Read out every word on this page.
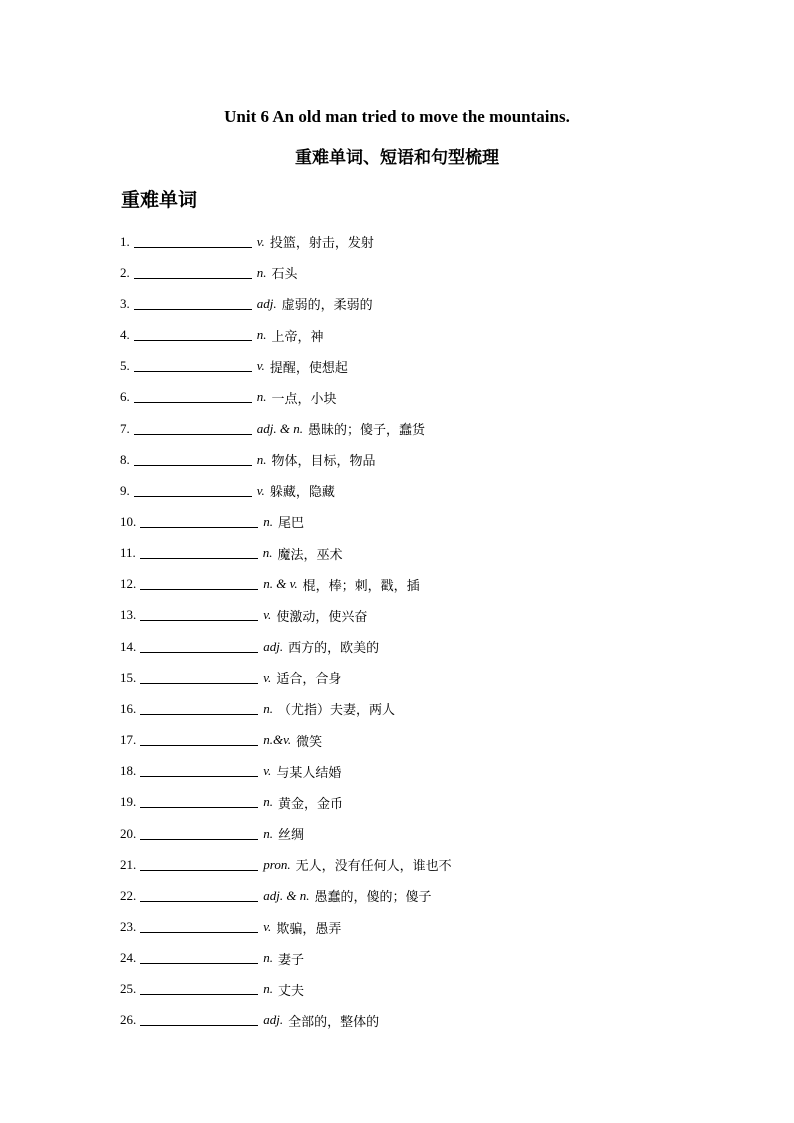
Unit 6 An old man tried to move the mountains.
重难单词、短语和句型梳理
重难单词
1.	v. 投篮，射击，发射
2.	n. 石头
3.	adj. 虚弱的，柔弱的
4.	n. 上帝，神
5.	v. 提醒，使想起
6.	n. 一点，小块
7.	adj. & n. 愚昧的；傻子，蠢货
8.	n. 物体，目标，物品
9.	v. 躲藏，隐藏
10.	n. 尾巴
11.	n. 魔法，巫术
12.	n. & v. 棍，棒；刺，戳，插
13.	v. 使激动，使兴奋
14.	adj. 西方的，欧美的
15.	v. 适合，合身
16.	n. （尤指）夫妻，两人
17.	n.&v. 微笑
18.	v. 与某人结婚
19.	n. 黄金，金币
20.	n. 丝绸
21.	pron. 无人，没有任何人，谁也不
22.	adj. & n. 愚蠢的，傻的；傻子
23.	v. 欺骗，愚弄
24.	n. 妻子
25.	n. 丈夫
26.	adj. 全部的，整体的
